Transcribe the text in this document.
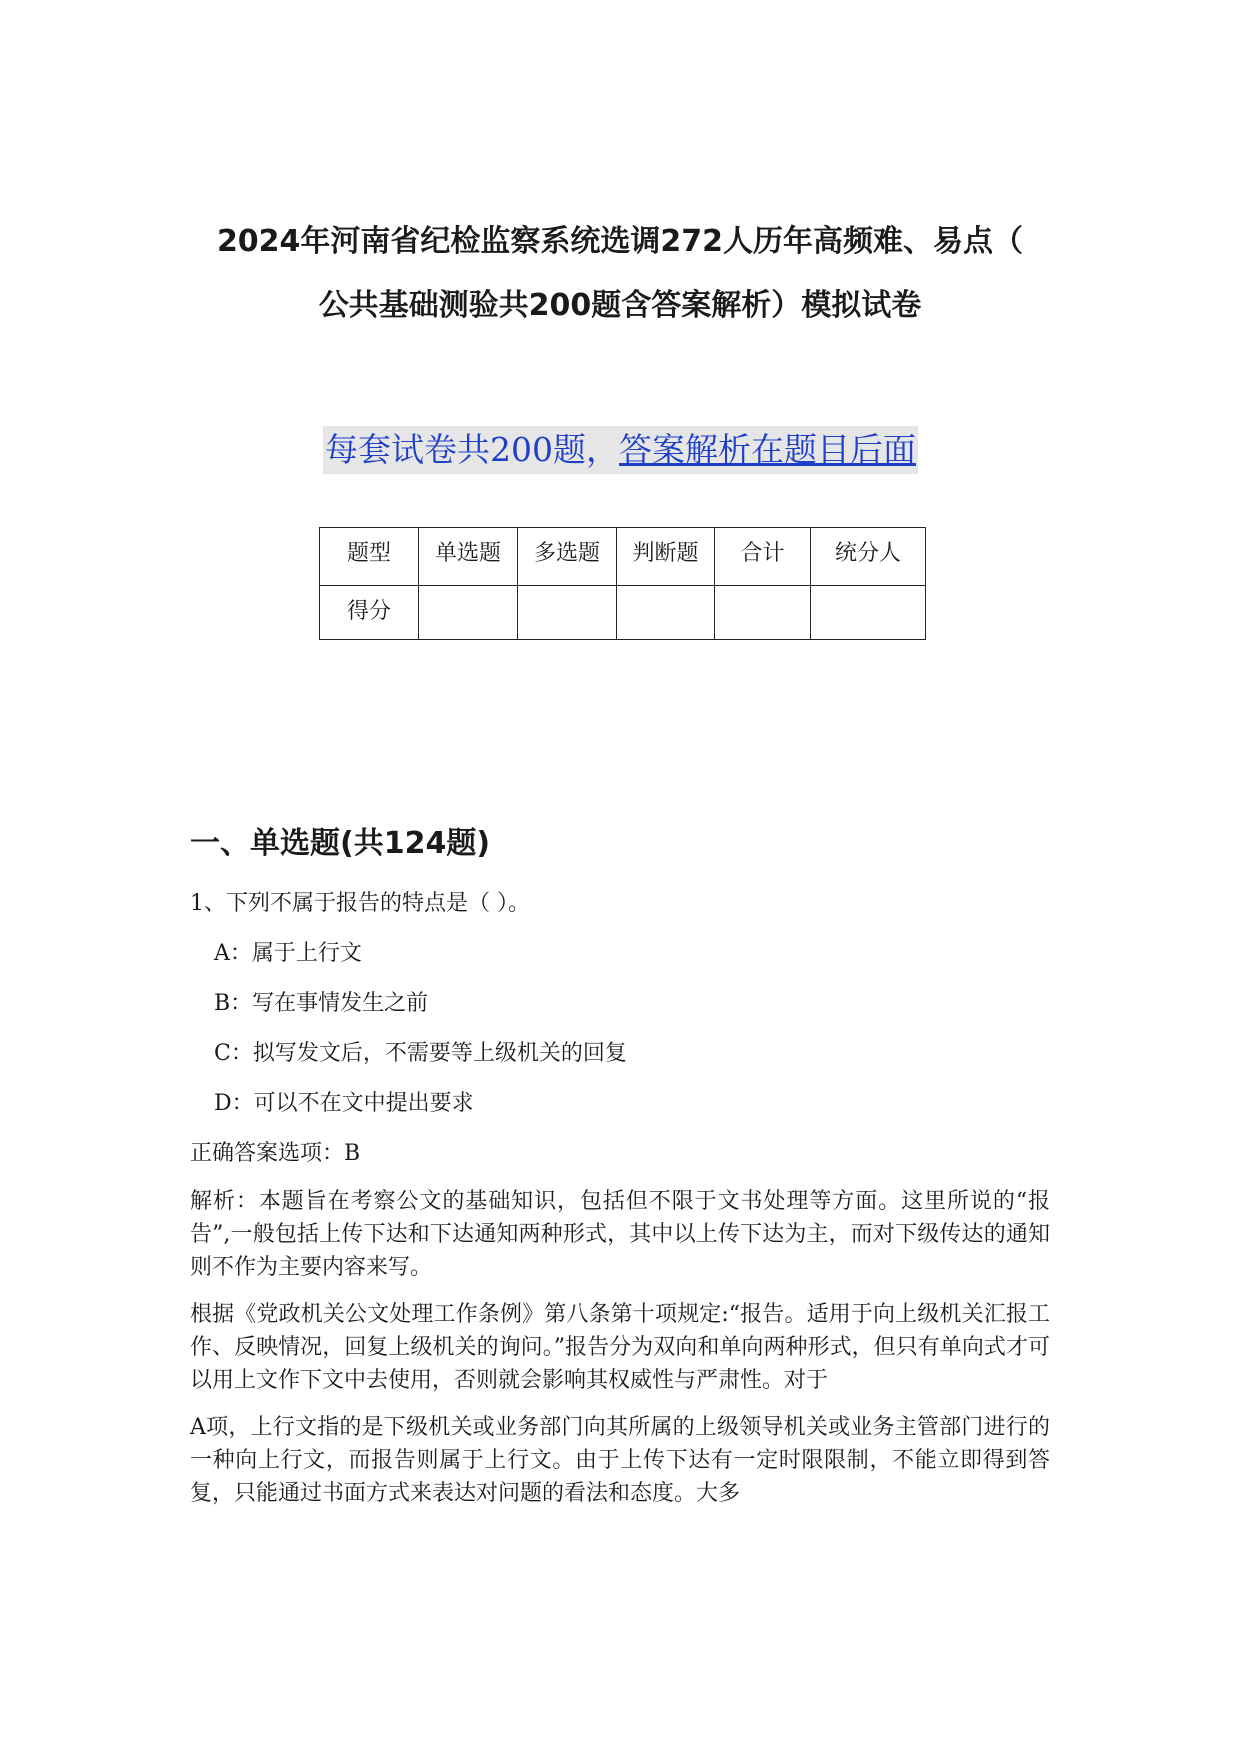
2024年河南省纪检监察系统选调272人历年高频难、易点（
公共基础测验共200题含答案解析）模拟试卷

每套试卷共200题，答案解析在题目后面

题型	单选题	多选题	判断题	合计	统分人
得分					
一、单选题(共124题)

1、下列不属于报告的特点是（ ）。

A：属于上行文

B：写在事情发生之前

C：拟写发文后，不需要等上级机关的回复

D：可以不在文中提出要求

正确答案选项：B

解析：本题旨在考察公文的基础知识，包括但不限于文书处理等方面。这里所说的“报告”,一般包括上传下达和下达通知两种形式，其中以上传下达为主，而对下级传达的通知则不作为主要内容来写。

根据《党政机关公文处理工作条例》第八条第十项规定:“报告。适用于向上级机关汇报工作、反映情况，回复上级机关的询问。”报告分为双向和单向两种形式，但只有单向式才可以用上文作下文中去使用，否则就会影响其权威性与严肃性。对于

A项，上行文指的是下级机关或业务部门向其所属的上级领导机关或业务主管部门进行的一种向上行文，而报告则属于上行文。由于上传下达有一定时限限制，不能立即得到答复，只能通过书面方式来表达对问题的看法和态度。大多
